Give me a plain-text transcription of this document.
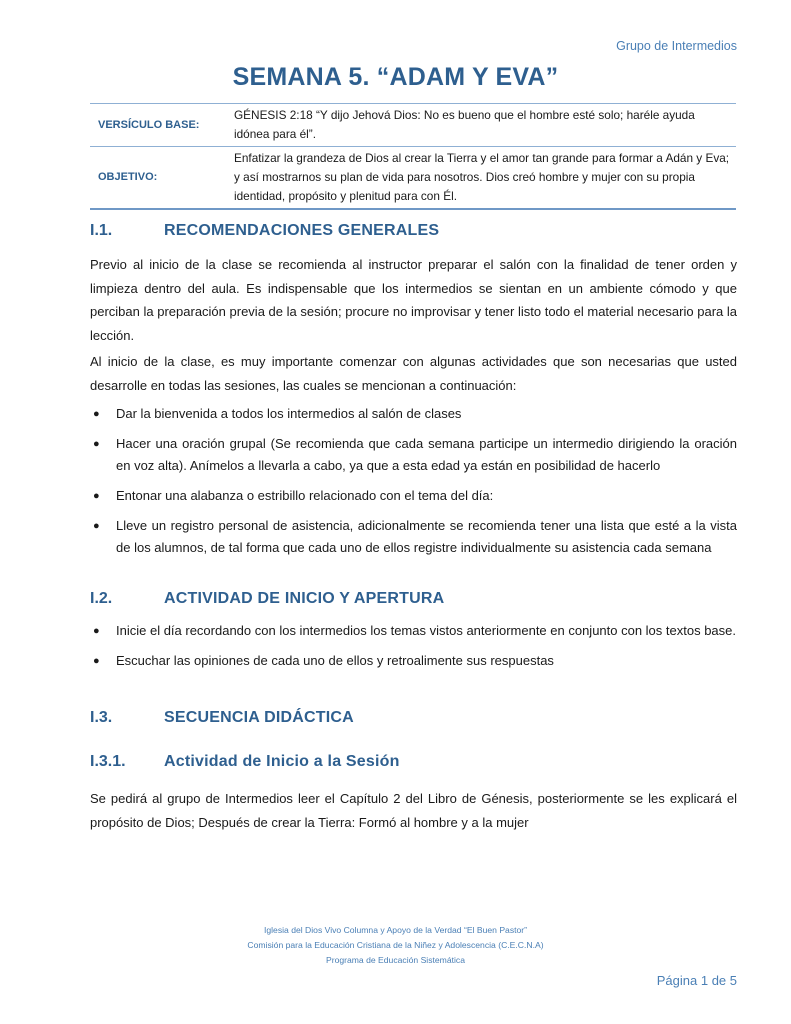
Grupo de Intermedios
SEMANA 5. “ADAM Y EVA”
VERSÍCULO BASE:	GÉNESIS 2:18 “Y dijo Jehová Dios: No es bueno que el hombre esté solo; haréle ayuda idónea para él”.
OBJETIVO:	Enfatizar la grandeza de Dios al crear la Tierra y el amor tan grande para formar a Adán y Eva; y así mostrarnos su plan de vida para nosotros. Dios creó hombre y mujer con su propia identidad, propósito y plenitud para con Él.
I.1.	RECOMENDACIONES GENERALES

Previo al inicio de la clase se recomienda al instructor preparar el salón con la finalidad de tener orden y limpieza dentro del aula. Es indispensable que los intermedios se sientan en un ambiente cómodo y que perciban la preparación previa de la sesión; procure no improvisar y tener listo todo el material necesario para la lección.

Al inicio de la clase, es muy importante comenzar con algunas actividades que son necesarias que usted desarrolle en todas las sesiones, las cuales se mencionan a continuación:

● Dar la bienvenida a todos los intermedios al salón de clases
● Hacer una oración grupal (Se recomienda que cada semana participe un intermedio dirigiendo la oración en voz alta). Anímelos a llevarla a cabo, ya que a esta edad ya están en posibilidad de hacerlo
● Entonar una alabanza o estribillo relacionado con el tema del día:
● Lleve un registro personal de asistencia, adicionalmente se recomienda tener una lista que esté a la vista de los alumnos, de tal forma que cada uno de ellos registre individualmente su asistencia cada semana
I.2.	ACTIVIDAD DE INICIO Y APERTURA
● Inicie el día recordando con los intermedios los temas vistos anteriormente en conjunto con los textos base.
● Escuchar las opiniones de cada uno de ellos y retroalimente sus respuestas
I.3.	SECUENCIA DIDÁCTICA
I.3.1. Actividad de Inicio a la Sesión

Se pedirá al grupo de Intermedios leer el Capítulo 2 del Libro de Génesis, posteriormente se les explicará el propósito de Dios; Después de crear la Tierra: Formó al hombre y a la mujer

Iglesia del Dios Vivo Columna y Apoyo de la Verdad “El Buen Pastor”
Comisión para la Educación Cristiana de la Niñez y Adolescencia (C.E.C.N.A)
Programa de Educación Sistemática
Página 1 de 5
